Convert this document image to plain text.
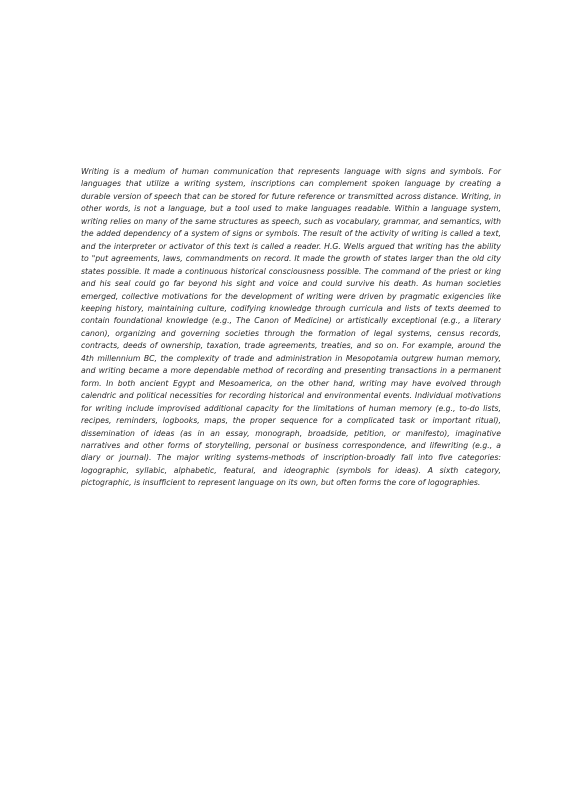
Writing is a medium of human communication that represents language with signs and symbols. For languages that utilize a writing system, inscriptions can complement spoken language by creating a durable version of speech that can be stored for future reference or transmitted across distance. Writing, in other words, is not a language, but a tool used to make languages readable. Within a language system, writing relies on many of the same structures as speech, such as vocabulary, grammar, and semantics, with the added dependency of a system of signs or symbols. The result of the activity of writing is called a text, and the interpreter or activator of this text is called a reader. H.G. Wells argued that writing has the ability to "put agreements, laws, commandments on record. It made the growth of states larger than the old city states possible. It made a continuous historical consciousness possible. The command of the priest or king and his seal could go far beyond his sight and voice and could survive his death. As human societies emerged, collective motivations for the development of writing were driven by pragmatic exigencies like keeping history, maintaining culture, codifying knowledge through curricula and lists of texts deemed to contain foundational knowledge (e.g., The Canon of Medicine) or artistically exceptional (e.g., a literary canon), organizing and governing societies through the formation of legal systems, census records, contracts, deeds of ownership, taxation, trade agreements, treaties, and so on. For example, around the 4th millennium BC, the complexity of trade and administration in Mesopotamia outgrew human memory, and writing became a more dependable method of recording and presenting transactions in a permanent form. In both ancient Egypt and Mesoamerica, on the other hand, writing may have evolved through calendric and political necessities for recording historical and environmental events. Individual motivations for writing include improvised additional capacity for the limitations of human memory (e.g., to-do lists, recipes, reminders, logbooks, maps, the proper sequence for a complicated task or important ritual), dissemination of ideas (as in an essay, monograph, broadside, petition, or manifesto), imaginative narratives and other forms of storytelling, personal or business correspondence, and lifewriting (e.g., a diary or journal). The major writing systems-methods of inscription-broadly fall into five categories: logographic, syllabic, alphabetic, featural, and ideographic (symbols for ideas). A sixth category, pictographic, is insufficient to represent language on its own, but often forms the core of logographies.
